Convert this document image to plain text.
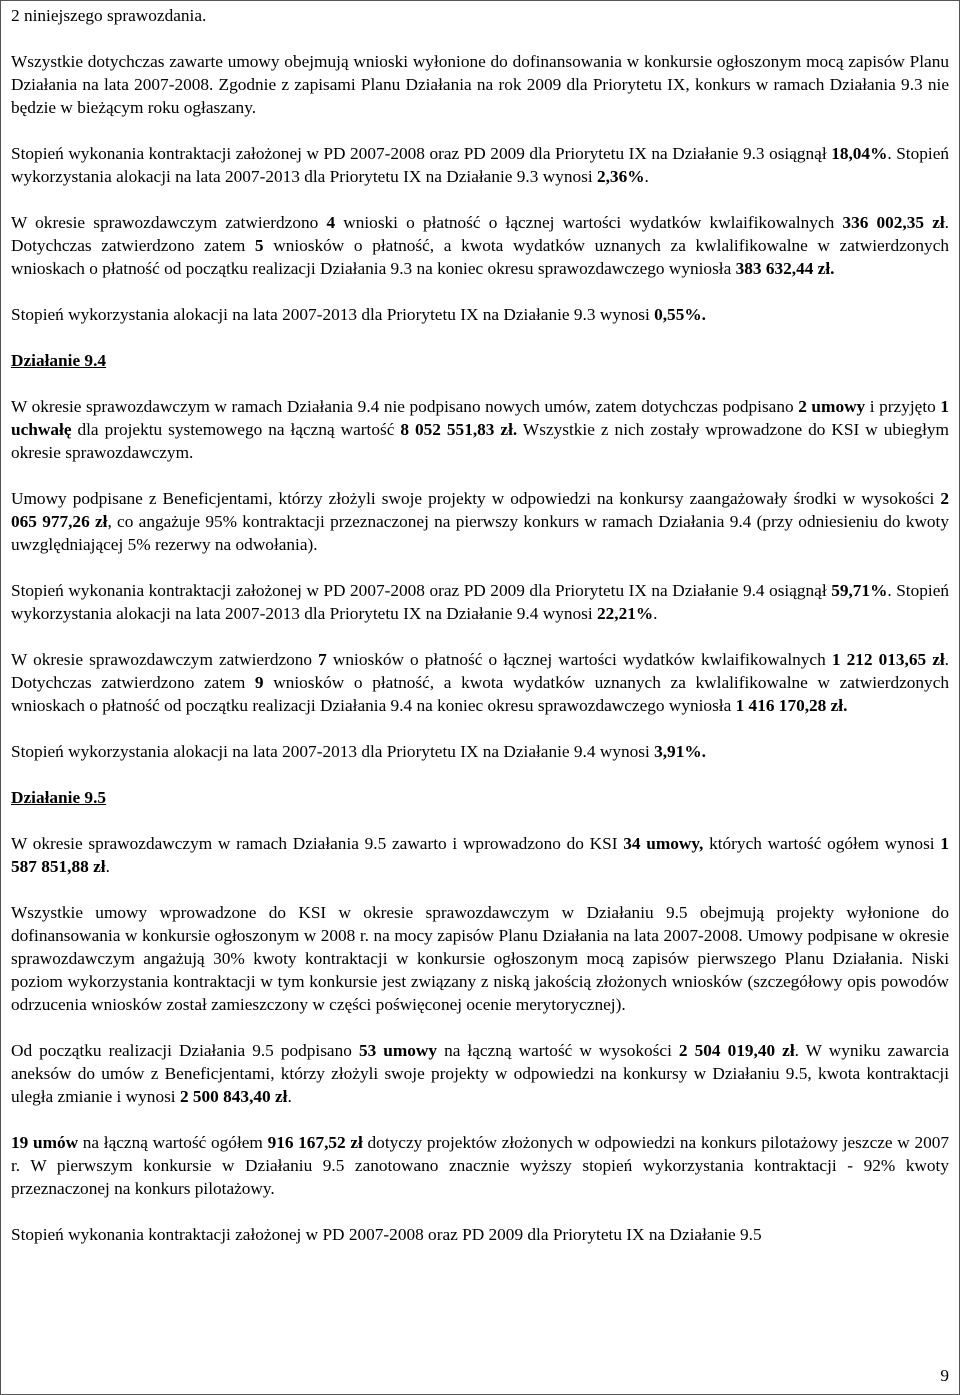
2 niniejszego sprawozdania.

Wszystkie dotychczas zawarte umowy obejmują wnioski wyłonione do dofinansowania w konkursie ogłoszonym mocą zapisów Planu Działania na lata 2007-2008. Zgodnie z zapisami Planu Działania na rok 2009 dla Priorytetu IX, konkurs w ramach Działania 9.3 nie będzie w bieżącym roku ogłaszany.

Stopień wykonania kontraktacji założonej w PD 2007-2008 oraz PD 2009 dla Priorytetu IX na Działanie 9.3 osiągnął 18,04%. Stopień wykorzystania alokacji na lata 2007-2013 dla Priorytetu IX na Działanie 9.3 wynosi 2,36%.

W okresie sprawozdawczym zatwierdzono 4 wnioski o płatność o łącznej wartości wydatków kwlaifikowalnych 336 002,35 zł. Dotychczas zatwierdzono zatem 5 wniosków o płatność, a kwota wydatków uznanych za kwlalifikowalne w zatwierdzonych wnioskach o płatność od początku realizacji Działania 9.3 na koniec okresu sprawozdawczego wyniosła 383 632,44 zł.

Stopień wykorzystania alokacji na lata 2007-2013 dla Priorytetu IX na Działanie 9.3 wynosi 0,55%.

Działanie 9.4

W okresie sprawozdawczym w ramach Działania 9.4 nie podpisano nowych umów, zatem dotychczas podpisano 2 umowy i przyjęto 1 uchwałę dla projektu systemowego na łączną wartość 8 052 551,83 zł. Wszystkie z nich zostały wprowadzone do KSI w ubiegłym okresie sprawozdawczym.

Umowy podpisane z Beneficjentami, którzy złożyli swoje projekty w odpowiedzi na konkursy zaangażowały środki w wysokości 2 065 977,26 zł, co angażuje 95% kontraktacji przeznaczonej na pierwszy konkurs w ramach Działania 9.4 (przy odniesieniu do kwoty uwzględniającej 5% rezerwy na odwołania).

Stopień wykonania kontraktacji założonej w PD 2007-2008 oraz PD 2009 dla Priorytetu IX na Działanie 9.4 osiągnął 59,71%. Stopień wykorzystania alokacji na lata 2007-2013 dla Priorytetu IX na Działanie 9.4 wynosi 22,21%.

W okresie sprawozdawczym zatwierdzono 7 wniosków o płatność o łącznej wartości wydatków kwlaifikowalnych 1 212 013,65 zł. Dotychczas zatwierdzono zatem 9 wniosków o płatność, a kwota wydatków uznanych za kwlalifikowalne w zatwierdzonych wnioskach o płatność od początku realizacji Działania 9.4 na koniec okresu sprawozdawczego wyniosła 1 416 170,28 zł.

Stopień wykorzystania alokacji na lata 2007-2013 dla Priorytetu IX na Działanie 9.4 wynosi 3,91%.

Działanie 9.5

W okresie sprawozdawczym w ramach Działania 9.5 zawarto i wprowadzono do KSI 34 umowy, których wartość ogółem wynosi 1 587 851,88 zł.

Wszystkie umowy wprowadzone do KSI w okresie sprawozdawczym w Działaniu 9.5 obejmują projekty wyłonione do dofinansowania w konkursie ogłoszonym w 2008 r. na mocy zapisów Planu Działania na lata 2007-2008. Umowy podpisane w okresie sprawozdawczym angażują 30% kwoty kontraktacji w konkursie ogłoszonym mocą zapisów pierwszego Planu Działania. Niski poziom wykorzystania kontraktacji w tym konkursie jest związany z niską jakością złożonych wniosków (szczegółowy opis powodów odrzucenia wniosków został zamieszczony w części poświęconej ocenie merytorycznej).

Od początku realizacji Działania 9.5 podpisano 53 umowy na łączną wartość w wysokości 2 504 019,40 zł. W wyniku zawarcia aneksów do umów z Beneficjentami, którzy złożyli swoje projekty w odpowiedzi na konkursy w Działaniu 9.5, kwota kontraktacji uległa zmianie i wynosi 2 500 843,40 zł.

19 umów na łączną wartość ogółem 916 167,52 zł dotyczy projektów złożonych w odpowiedzi na konkurs pilotażowy jeszcze w 2007 r. W pierwszym konkursie w Działaniu 9.5 zanotowano znacznie wyższy stopień wykorzystania kontraktacji - 92% kwoty przeznaczonej na konkurs pilotażowy.

Stopień wykonania kontraktacji założonej w PD 2007-2008 oraz PD 2009 dla Priorytetu IX na Działanie 9.5

9
